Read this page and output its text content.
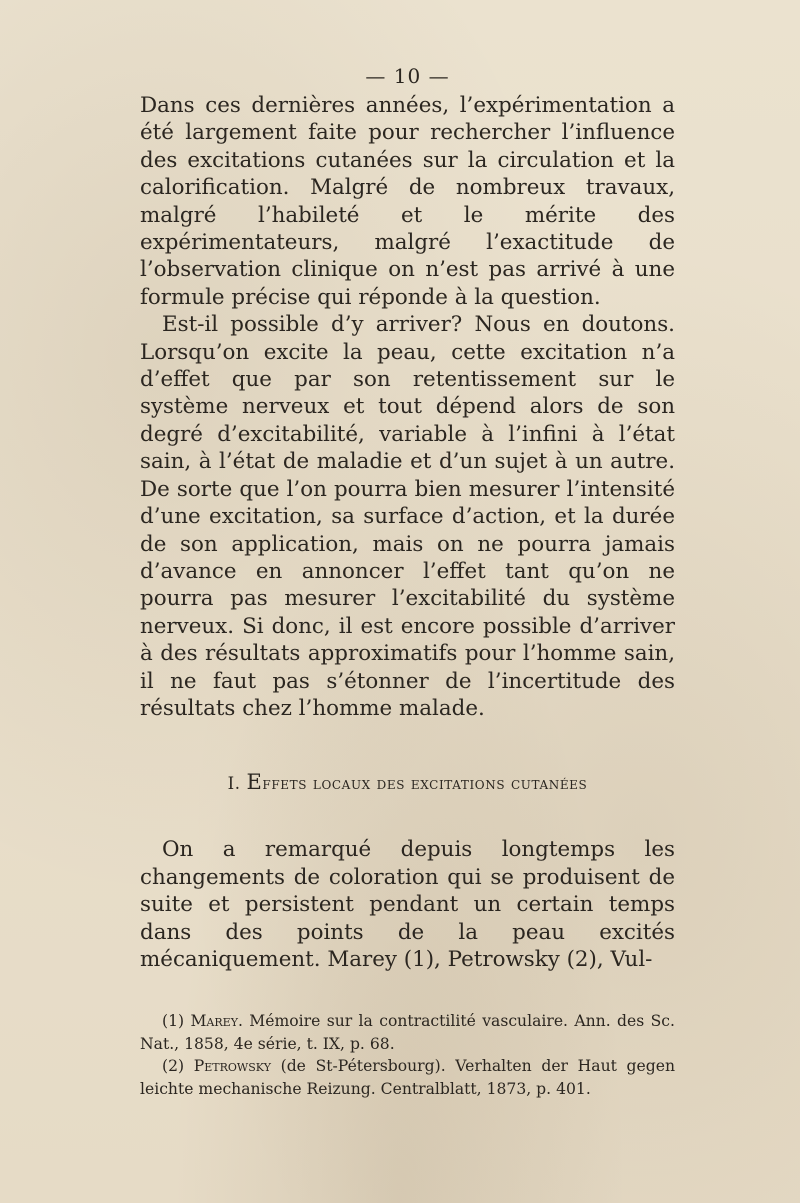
— 10 —

Dans ces dernières années, l’expérimentation a été largement faite pour rechercher l’influence des excitations cutanées sur la circulation et la calorification. Malgré de nombreux travaux, malgré l’habileté et le mérite des expérimentateurs, malgré l’exactitude de l’observation clinique on n’est pas arrivé à une formule précise qui réponde à la question.

Est-il possible d’y arriver? Nous en doutons. Lorsqu’on excite la peau, cette excitation n’a d’effet que par son retentissement sur le système nerveux et tout dépend alors de son degré d’excitabilité, variable à l’infini à l’état sain, à l’état de maladie et d’un sujet à un autre. De sorte que l’on pourra bien mesurer l’intensité d’une excitation, sa surface d’action, et la durée de son application, mais on ne pourra jamais d’avance en annoncer l’effet tant qu’on ne pourra pas mesurer l’excitabilité du système nerveux. Si donc, il est encore possible d’arriver à des résultats approximatifs pour l’homme sain, il ne faut pas s’étonner de l’incertitude des résultats chez l’homme malade.

I. Effets locaux des excitations cutanées

On a remarqué depuis longtemps les changements de coloration qui se produisent de suite et persistent pendant un certain temps dans des points de la peau excités mécaniquement. Marey (1), Petrowsky (2), Vul-

(1) Marey. Mémoire sur la contractilité vasculaire. Ann. des Sc. Nat., 1858, 4e série, t. IX, p. 68.

(2) Petrowsky (de St-Pétersbourg). Verhalten der Haut gegen leichte mechanische Reizung. Centralblatt, 1873, p. 401.
